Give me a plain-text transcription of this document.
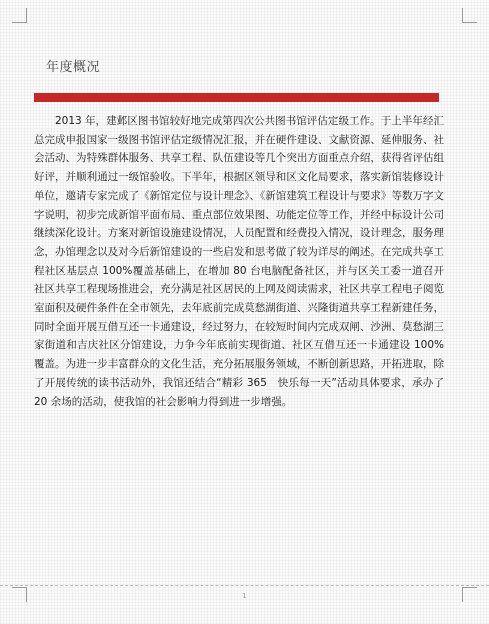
年度概况

2013 年，建邺区图书馆较好地完成第四次公共图书馆评估定级工作。于上半年经汇总完成申报国家一级图书馆评估定级情况汇报，并在硬件建设、文献资源、延伸服务、社会活动、为特殊群体服务、共享工程、队伍建设等几个突出方面重点介绍，获得省评估组好评，并顺利通过一级馆验收。下半年，根据区领导和区文化局要求，落实新馆装修设计单位，邀请专家完成了《新馆定位与设计理念》、《新馆建筑工程设计与要求》等数万字文字说明，初步完成新馆平面布局、重点部位效果图、功能定位等工作，并经中标设计公司继续深化设计。方案对新馆设施建设情况，人员配置和经费投入情况，设计理念，服务理念，办馆理念以及对今后新馆建设的一些启发和思考做了较为详尽的阐述。在完成共享工程社区基层点 100%覆盖基础上，在增加 80 台电脑配备社区，并与区关工委一道召开社区共享工程现场推进会，充分满足社区居民的上网及阅读需求，社区共享工程电子阅览室面积及硬件条件在全市领先，去年底前完成莫愁湖街道、兴隆街道共享工程新建任务，同时全面开展互借互还一卡通建设，经过努力，在较短时间内完成双闸、沙洲、莫愁湖三家街道和吉庆社区分馆建设，力争今年底前实现街道、社区互借互还一卡通建设 100%覆盖。为进一步丰富群众的文化生活，充分拓展服务领域，不断创新思路，开拓进取，除了开展传统的读书活动外，我馆还结合“精彩 365　快乐每一天”活动具体要求，承办了 20 余场的活动，使我馆的社会影响力得到进一步增强。

1
